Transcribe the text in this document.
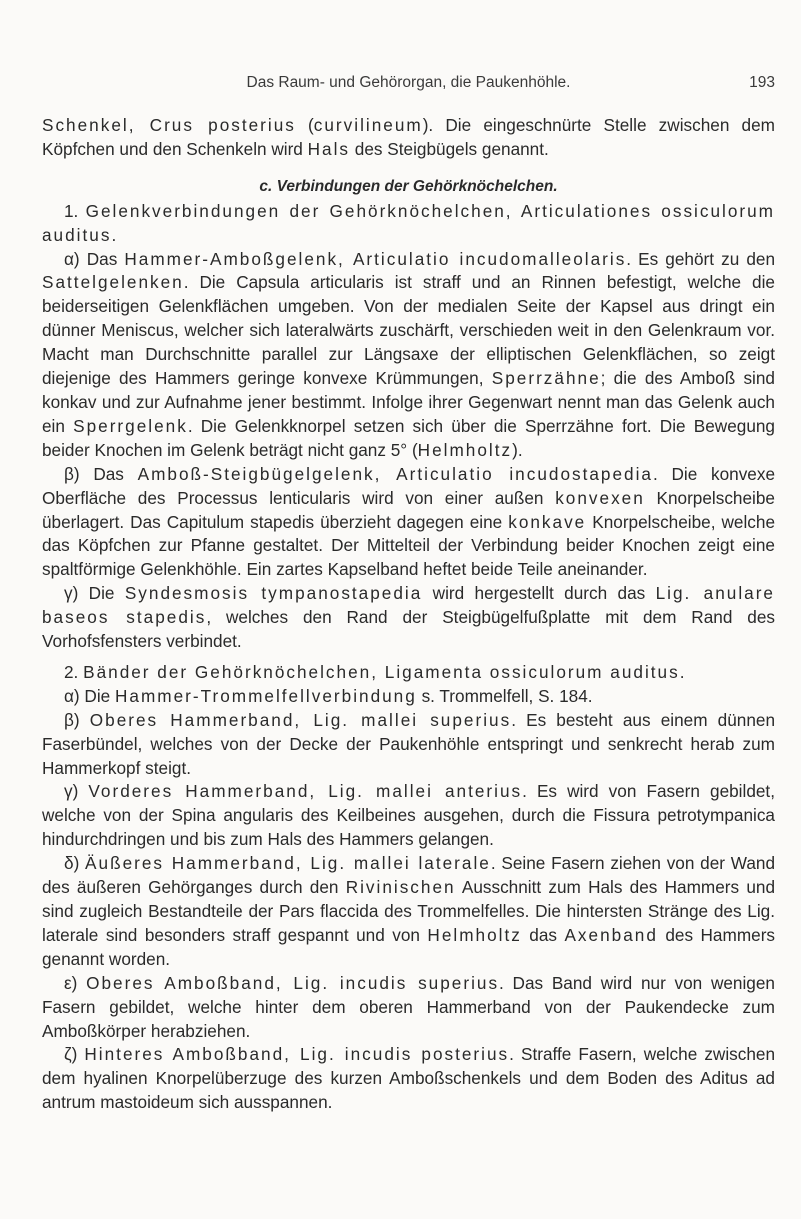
Das Raum- und Gehörorgan, die Paukenhöhle.	193

Schenkel, Crus posterius (curvilineum). Die eingeschnürte Stelle zwischen dem Köpfchen und den Schenkeln wird Hals des Steigbügels genannt.

c. Verbindungen der Gehörknöchelchen.

1. Gelenkverbindungen der Gehörknöchelchen, Articulationes ossiculorum auditus.

α) Das Hammer-Amboßgelenk, Articulatio incudomalleolaris. Es gehört zu den Sattelgelenken. Die Capsula articularis ist straff und an Rinnen befestigt, welche die beiderseitigen Gelenkflächen umgeben. Von der medialen Seite der Kapsel aus dringt ein dünner Meniscus, welcher sich lateralwärts zuschärft, verschieden weit in den Gelenkraum vor. Macht man Durchschnitte parallel zur Längsaxe der elliptischen Gelenkflächen, so zeigt diejenige des Hammers geringe konvexe Krümmungen, Sperrzähne; die des Amboß sind konkav und zur Aufnahme jener bestimmt. Infolge ihrer Gegenwart nennt man das Gelenk auch ein Sperrgelenk. Die Gelenkknorpel setzen sich über die Sperrzähne fort. Die Bewegung beider Knochen im Gelenk beträgt nicht ganz 5° (Helmholtz).

β) Das Amboß-Steigbügelgelenk, Articulatio incudostapedia. Die konvexe Oberfläche des Processus lenticularis wird von einer außen konvexen Knorpelscheibe überlagert. Das Capitulum stapedis überzieht dagegen eine konkave Knorpelscheibe, welche das Köpfchen zur Pfanne gestaltet. Der Mittelteil der Verbindung beider Knochen zeigt eine spaltförmige Gelenkhöhle. Ein zartes Kapselband heftet beide Teile aneinander.

γ) Die Syndesmosis tympanostapedia wird hergestellt durch das Lig. anulare baseos stapedis, welches den Rand der Steigbügelfußplatte mit dem Rand des Vorhofsfensters verbindet.

2. Bänder der Gehörknöchelchen, Ligamenta ossiculorum auditus.

α) Die Hammer-Trommelfellverbindung s. Trommelfell, S. 184.

β) Oberes Hammerband, Lig. mallei superius. Es besteht aus einem dünnen Faserbündel, welches von der Decke der Paukenhöhle entspringt und senkrecht herab zum Hammerkopf steigt.

γ) Vorderes Hammerband, Lig. mallei anterius. Es wird von Fasern gebildet, welche von der Spina angularis des Keilbeines ausgehen, durch die Fissura petrotympanica hindurchdringen und bis zum Hals des Hammers gelangen.

δ) Äußeres Hammerband, Lig. mallei laterale. Seine Fasern ziehen von der Wand des äußeren Gehörganges durch den Rivinischen Ausschnitt zum Hals des Hammers und sind zugleich Bestandteile der Pars flaccida des Trommelfelles. Die hintersten Stränge des Lig. laterale sind besonders straff gespannt und von Helmholtz das Axenband des Hammers genannt worden.

ε) Oberes Amboßband, Lig. incudis superius. Das Band wird nur von wenigen Fasern gebildet, welche hinter dem oberen Hammerband von der Paukendecke zum Amboßkörper herabziehen.

ζ) Hinteres Amboßband, Lig. incudis posterius. Straffe Fasern, welche zwischen dem hyalinen Knorpelüberzuge des kurzen Amboßschenkels und dem Boden des Aditus ad antrum mastoideum sich ausspannen.
